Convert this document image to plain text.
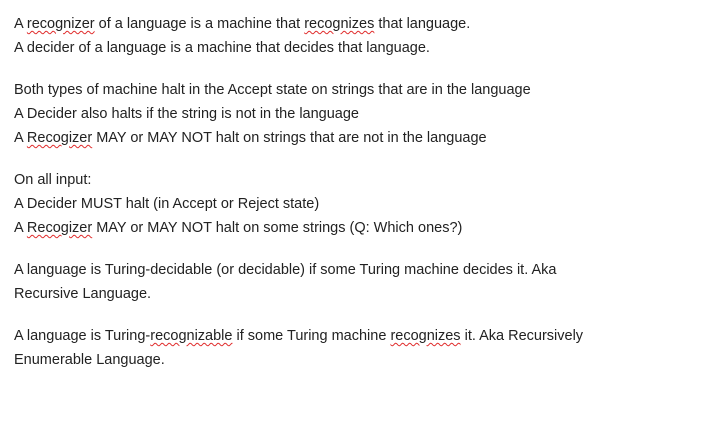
A recognizer of a language is a machine that recognizes that language.
A decider of a language is a machine that decides that language.
Both types of machine halt in the Accept state on strings that are in the language
A Decider also halts if the string is not in the language
A Recogizer MAY or MAY NOT halt on strings that are not in the language
On all input:
A Decider MUST halt (in Accept or Reject state)
A Recogizer MAY or MAY NOT halt on some strings (Q: Which ones?)
A language is Turing-decidable (or decidable) if some Turing machine decides it. Aka
Recursive Language.
A language is Turing-recognizable if some Turing machine recognizes it. Aka Recursively
Enumerable Language.
